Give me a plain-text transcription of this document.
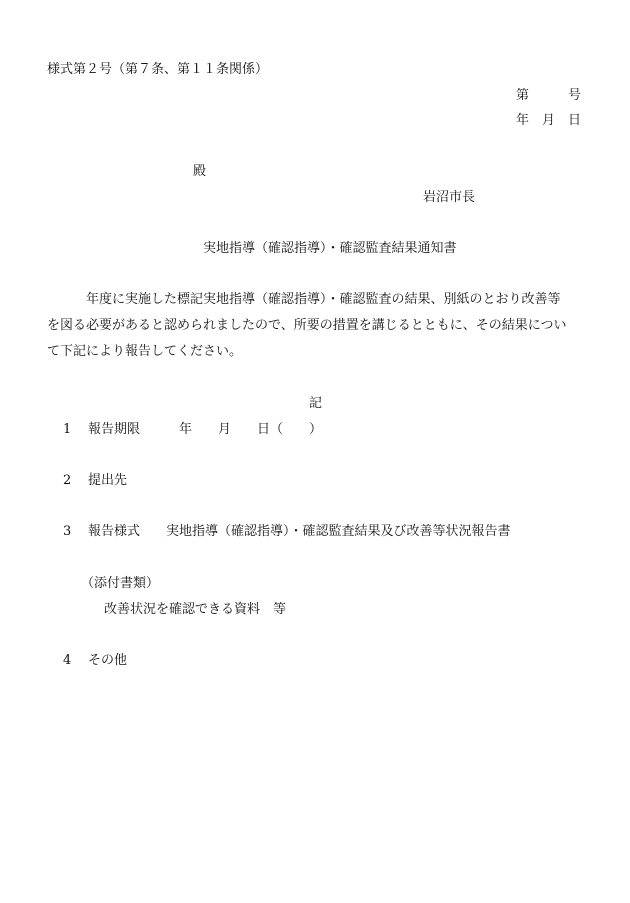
様式第２号（第７条、第１１条関係）
第　　　号
年　月　日
殿
岩沼市長
実地指導（確認指導）・確認監査結果通知書
年度に実施した標記実地指導（確認指導）・確認監査の結果、別紙のとおり改善等
を図る必要があると認められましたので、所要の措置を講じるとともに、その結果につい
て下記により報告してください。
記
1 報告期限　　　年　　月　　日（　　）
2 提出先
3 報告様式　　実地指導（確認指導）・確認監査結果及び改善等状況報告書
（添付書類）
改善状況を確認できる資料　等
4 その他
